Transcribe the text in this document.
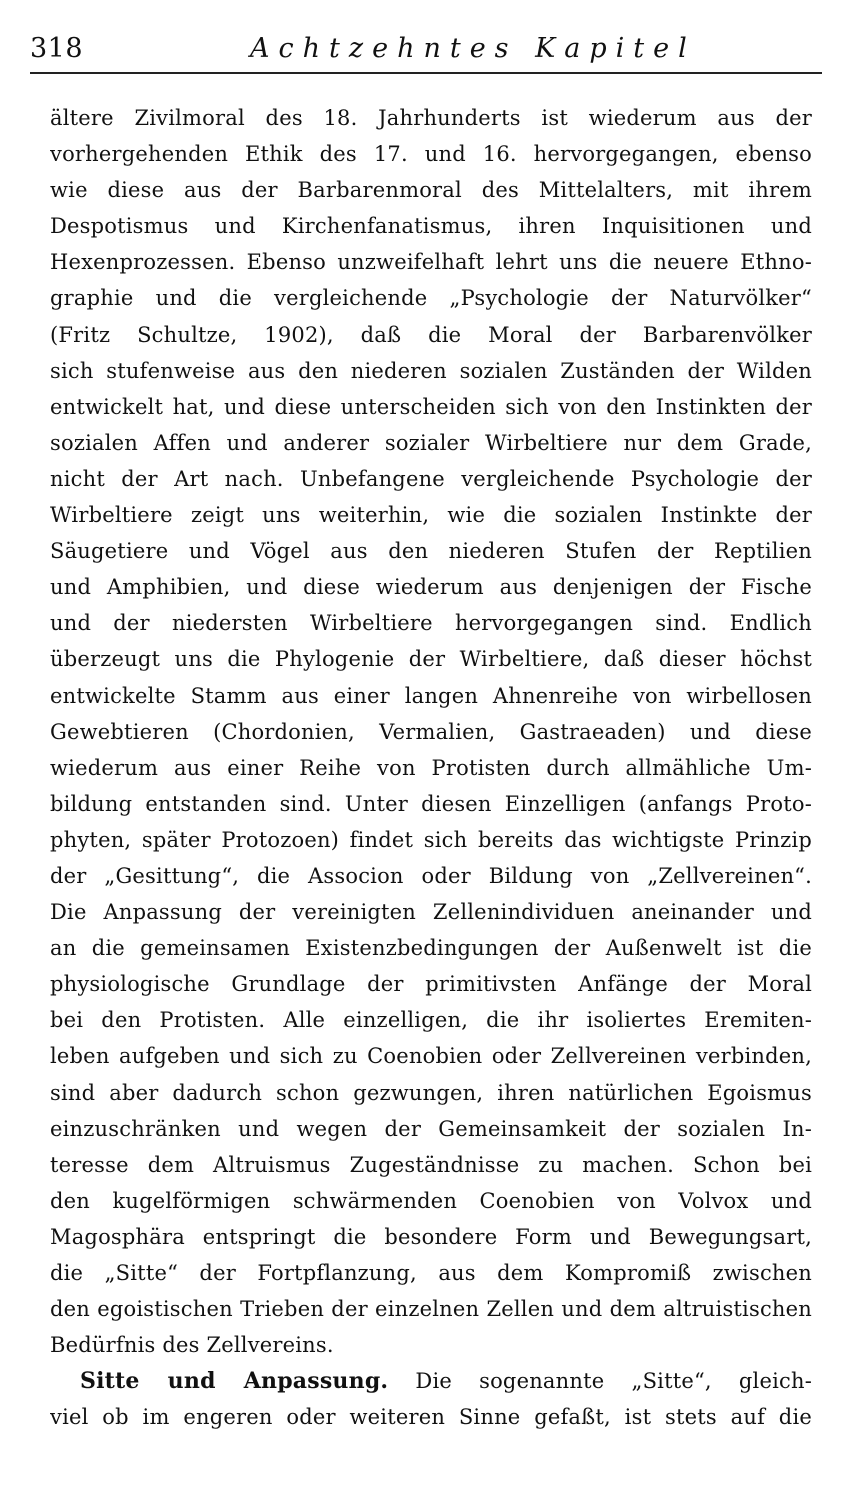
318	Achtzehntes Kapitel
ältere Zivilmoral des 18. Jahrhunderts ist wiederum aus der
vorhergehenden Ethik des 17. und 16. hervorgegangen, ebenso
wie diese aus der Barbarenmoral des Mittelalters, mit ihrem
Despotismus und Kirchenfanatismus, ihren Inquisitionen und
Hexenprozessen. Ebenso unzweifelhaft lehrt uns die neuere Ethno-
graphie und die vergleichende „Psychologie der Naturvölker“
(Fritz Schultze, 1902), daß die Moral der Barbarenvölker
sich stufenweise aus den niederen sozialen Zuständen der Wilden
entwickelt hat, und diese unterscheiden sich von den Instinkten der
sozialen Affen und anderer sozialer Wirbeltiere nur dem Grade,
nicht der Art nach. Unbefangene vergleichende Psychologie der
Wirbeltiere zeigt uns weiterhin, wie die sozialen Instinkte der
Säugetiere und Vögel aus den niederen Stufen der Reptilien
und Amphibien, und diese wiederum aus denjenigen der Fische
und der niedersten Wirbeltiere hervorgegangen sind. Endlich
überzeugt uns die Phylogenie der Wirbeltiere, daß dieser höchst
entwickelte Stamm aus einer langen Ahnenreihe von wirbellosen
Gewebtieren (Chordonien, Vermalien, Gastraeaden) und diese
wiederum aus einer Reihe von Protisten durch allmähliche Um-
bildung entstanden sind. Unter diesen Einzelligen (anfangs Proto-
phyten, später Protozoen) findet sich bereits das wichtigste Prinzip
der „Gesittung“, die Associon oder Bildung von „Zellvereinen“.
Die Anpassung der vereinigten Zellenindividuen aneinander und
an die gemeinsamen Existenzbedingungen der Außenwelt ist die
physiologische Grundlage der primitivsten Anfänge der Moral
bei den Protisten. Alle einzelligen, die ihr isoliertes Eremiten-
leben aufgeben und sich zu Coenobien oder Zellvereinen verbinden,
sind aber dadurch schon gezwungen, ihren natürlichen Egoismus
einzuschränken und wegen der Gemeinsamkeit der sozialen In-
teresse dem Altruismus Zugeständnisse zu machen. Schon bei
den kugelförmigen schwärmenden Coenobien von Volvox und
Magosphära entspringt die besondere Form und Bewegungsart,
die „Sitte“ der Fortpflanzung, aus dem Kompromiß zwischen
den egoistischen Trieben der einzelnen Zellen und dem altruistischen
Bedürfnis des Zellvereins.
Sitte und Anpassung. Die sogenannte „Sitte“, gleich-
viel ob im engeren oder weiteren Sinne gefaßt, ist stets auf die
